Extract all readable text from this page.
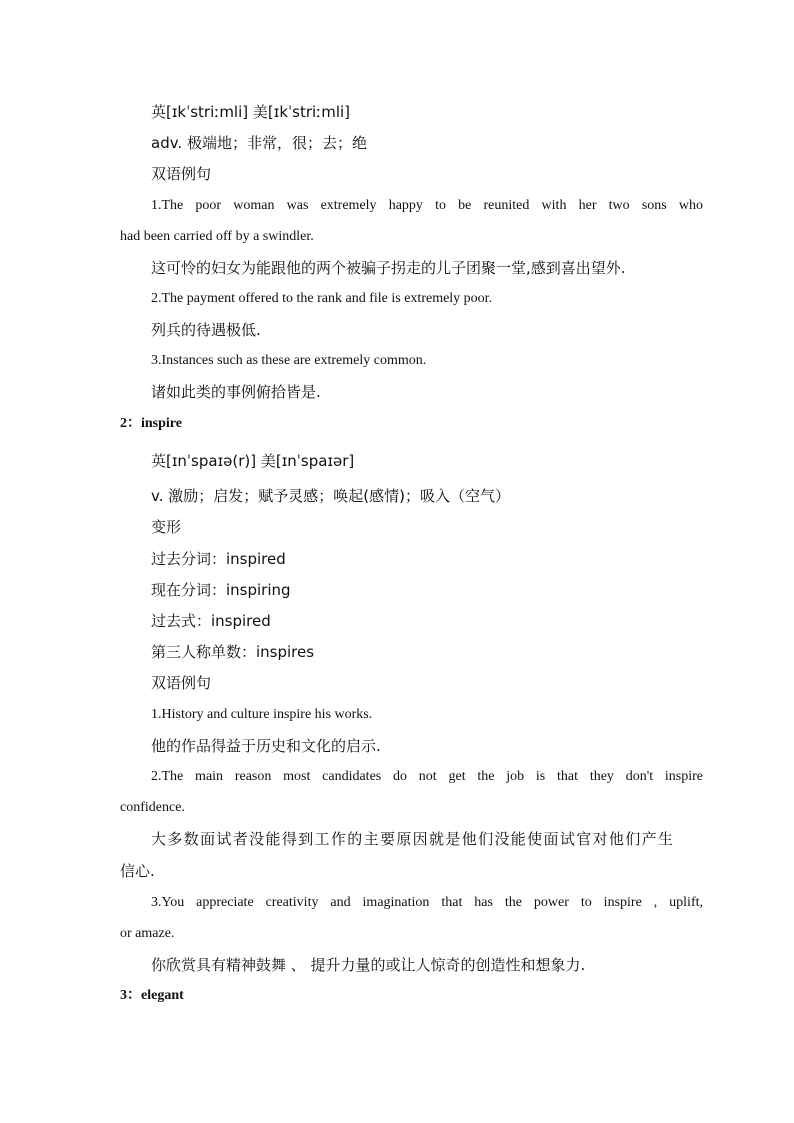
英[ɪkˈstriːmli] 美[ɪkˈstriːmli]
adv. 极端地；非常，很；去；绝
双语例句
1.The poor woman was extremely happy to be reunited with her two sons who
had been carried off by a swindler.
这可怜的妇女为能跟他的两个被骗子拐走的儿子团聚一堂,感到喜出望外.
2.The payment offered to the rank and file is extremely poor.
列兵的待遇极低.
3.Instances such as these are extremely common.
诸如此类的事例俯拾皆是.
2：inspire
英[ɪnˈspaɪə(r)] 美[ɪnˈspaɪər]
v. 激励；启发；赋予灵感；唤起(感情)；吸入（空气）
变形
过去分词：inspired
现在分词：inspiring
过去式：inspired
第三人称单数：inspires
双语例句
1.History and culture inspire his works.
他的作品得益于历史和文化的启示.
2.The main reason most candidates do not get the job is that they don't inspire
confidence.
大多数面试者没能得到工作的主要原因就是他们没能使面试官对他们产生
信心.
3.You appreciate creativity and imagination that has the power to inspire , uplift,
or amaze.
你欣赏具有精神鼓舞 、 提升力量的或让人惊奇的创造性和想象力.
3：elegant
